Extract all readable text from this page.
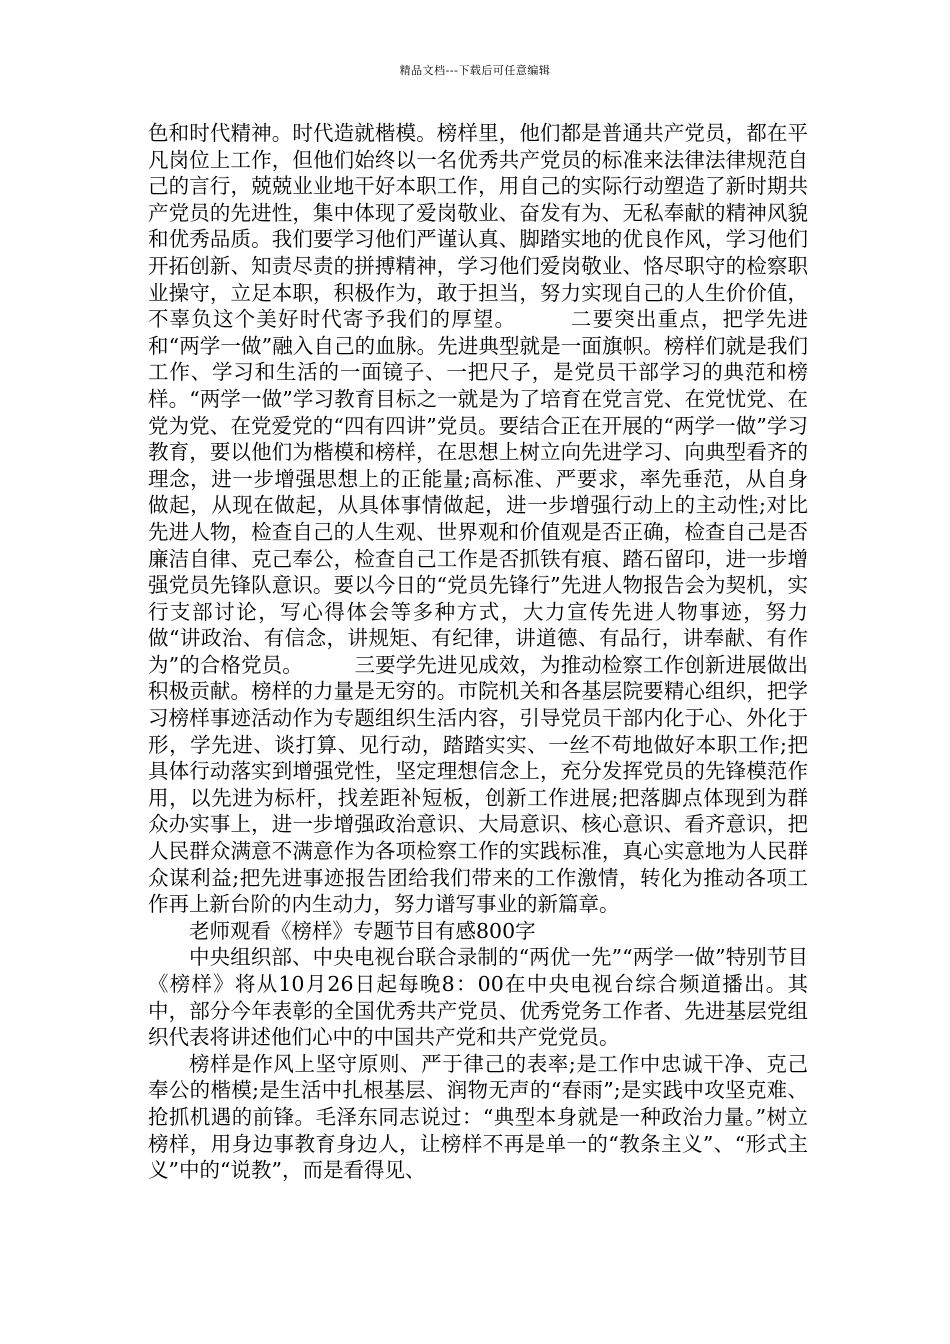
精品文档---下载后可任意编辑

色和时代精神。时代造就楷模。榜样里，他们都是普通共产党员，都在平凡岗位上工作，但他们始终以一名优秀共产党员的标准来法律法律规范自己的言行，兢兢业业地干好本职工作，用自己的实际行动塑造了新时期共产党员的先进性，集中体现了爱岗敬业、奋发有为、无私奉献的精神风貌和优秀品质。我们要学习他们严谨认真、脚踏实地的优良作风，学习他们开拓创新、知责尽责的拼搏精神，学习他们爱岗敬业、恪尽职守的检察职业操守，立足本职，积极作为，敢于担当，努力实现自己的人生价价值，不辜负这个美好时代寄予我们的厚望。　　　二要突出重点，把学先进和“两学一做”融入自己的血脉。先进典型就是一面旗帜。榜样们就是我们工作、学习和生活的一面镜子、一把尺子，是党员干部学习的典范和榜样。“两学一做”学习教育目标之一就是为了培育在党言党、在党忧党、在党为党、在党爱党的“四有四讲”党员。要结合正在开展的“两学一做”学习教育，要以他们为楷模和榜样，在思想上树立向先进学习、向典型看齐的理念，进一步增强思想上的正能量;高标准、严要求，率先垂范，从自身做起，从现在做起，从具体事情做起，进一步增强行动上的主动性;对比先进人物，检查自己的人生观、世界观和价值观是否正确，检查自己是否廉洁自律、克己奉公，检查自己工作是否抓铁有痕、踏石留印，进一步增强党员先锋队意识。要以今日的“党员先锋行”先进人物报告会为契机，实行支部讨论，写心得体会等多种方式，大力宣传先进人物事迹，努力做“讲政治、有信念，讲规矩、有纪律，讲道德、有品行，讲奉献、有作为”的合格党员。　　　三要学先进见成效，为推动检察工作创新进展做出积极贡献。榜样的力量是无穷的。市院机关和各基层院要精心组织，把学习榜样事迹活动作为专题组织生活内容，引导党员干部内化于心、外化于形，学先进、谈打算、见行动，踏踏实实、一丝不苟地做好本职工作;把具体行动落实到增强党性，坚定理想信念上，充分发挥党员的先锋模范作用，以先进为标杆，找差距补短板，创新工作进展;把落脚点体现到为群众办实事上，进一步增强政治意识、大局意识、核心意识、看齐意识，把人民群众满意不满意作为各项检察工作的实践标准，真心实意地为人民群众谋利益;把先进事迹报告团给我们带来的工作激情，转化为推动各项工作再上新台阶的内生动力，努力谱写事业的新篇章。

老师观看《榜样》专题节目有感800字

中央组织部、中央电视台联合录制的“两优一先”“两学一做”特别节目《榜样》将从10月26日起每晚8：00在中央电视台综合频道播出。其中，部分今年表彰的全国优秀共产党员、优秀党务工作者、先进基层党组织代表将讲述他们心中的中国共产党和共产党党员。

榜样是作风上坚守原则、严于律己的表率;是工作中忠诚干净、克己奉公的楷模;是生活中扎根基层、润物无声的“春雨”;是实践中攻坚克难、抢抓机遇的前锋。毛泽东同志说过：“典型本身就是一种政治力量。”树立榜样，用身边事教育身边人，让榜样不再是单一的“教条主义”、“形式主义”中的“说教”，而是看得见、
